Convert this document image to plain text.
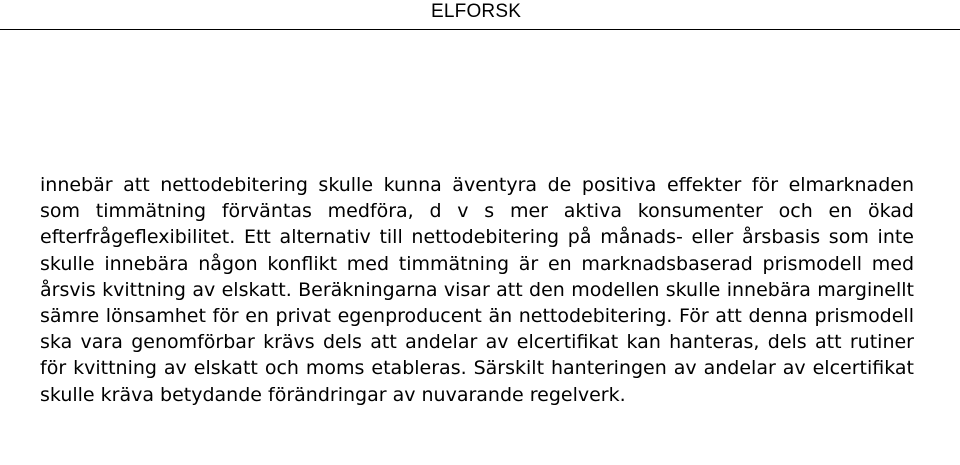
ELFORSK

innebär att nettodebitering skulle kunna äventyra de positiva effekter för elmarknaden som timmätning förväntas medföra, d v s mer aktiva konsumenter och en ökad efterfrågeflexibilitet. Ett alternativ till nettodebitering på månads- eller årsbasis som inte skulle innebära någon konflikt med timmätning är en marknadsbaserad prismodell med årsvis kvittning av elskatt. Beräkningarna visar att den modellen skulle innebära marginellt sämre lönsamhet för en privat egenproducent än nettodebitering. För att denna prismodell ska vara genomförbar krävs dels att andelar av elcertifikat kan hanteras, dels att rutiner för kvittning av elskatt och moms etableras. Särskilt hanteringen av andelar av elcertifikat skulle kräva betydande förändringar av nuvarande regelverk.
